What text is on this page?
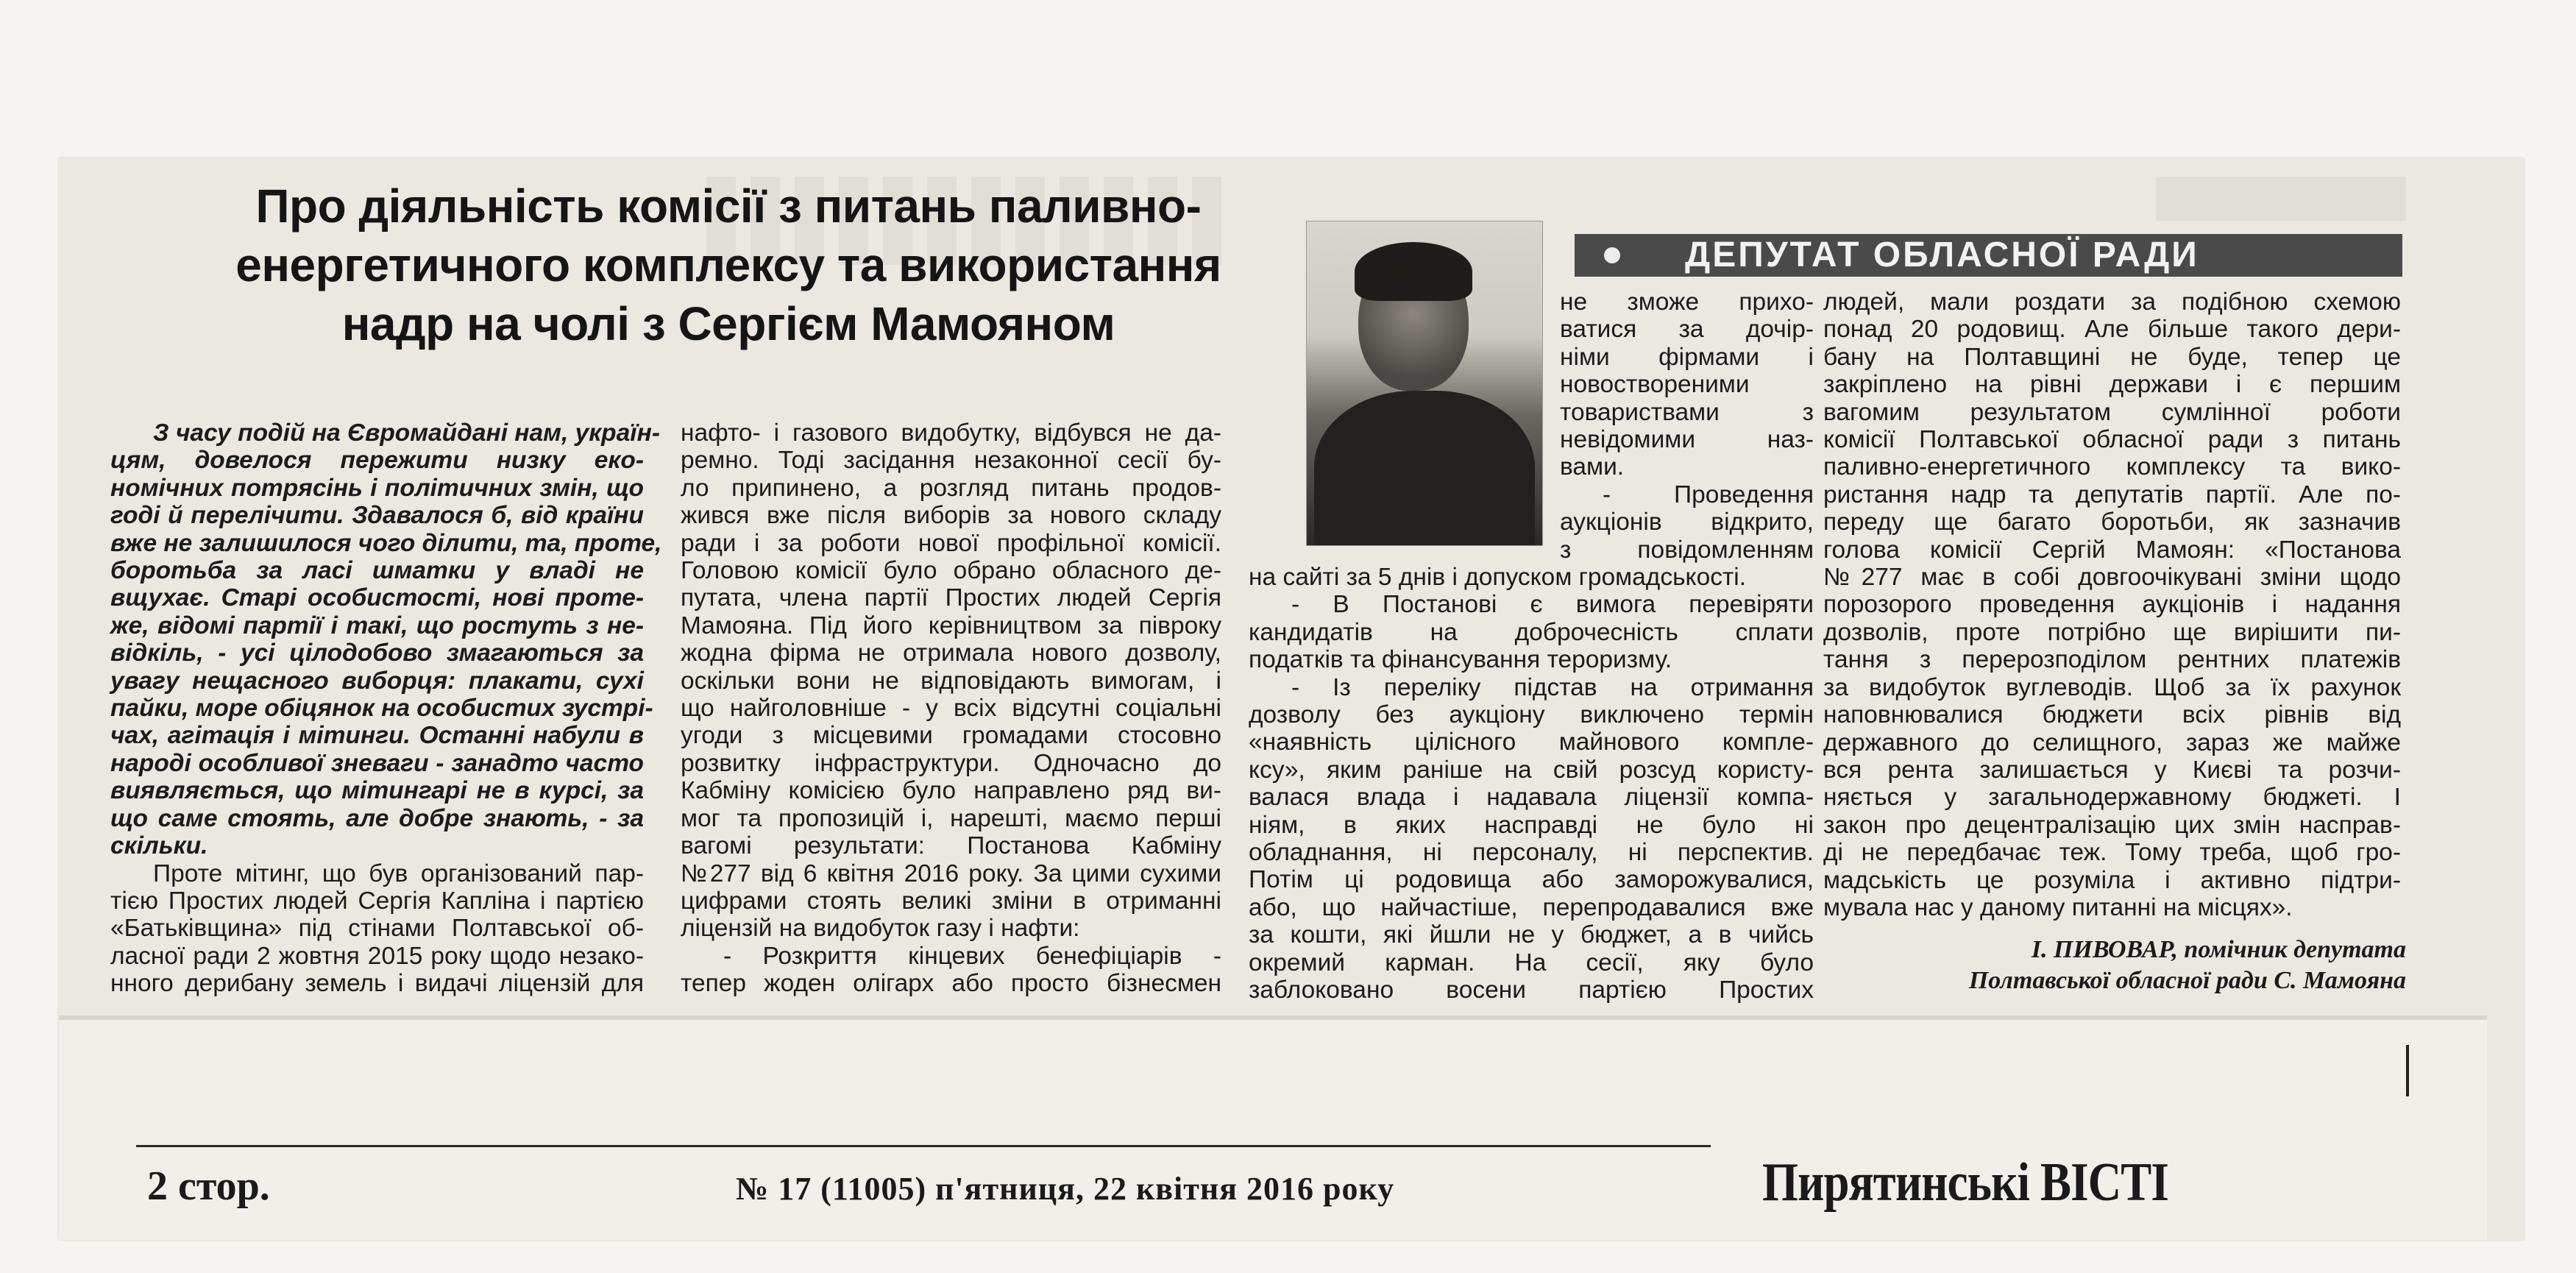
Про діяльність комісії з питань паливно-
енергетичного комплексу та використання
надр на чолі з Сергієм Мамояном
ДЕПУТАТ ОБЛАСНОЇ РАДИ
З часу подій на Євромайдані нам, україн-
цям, довелося пережити низку еко-
номічних потрясінь і політичних змін, що
годі й перелічити. Здавалося б, від країни
вже не залишилося чого ділити, та, проте,
боротьба за ласі шматки у владі не
вщухає. Старі особистості, нові проте-
же, відомі партії і такі, що ростуть з не-
відкіль, - усі цілодобово змагаються за
увагу нещасного виборця: плакати, сухі
пайки, море обіцянок на особистих зустрі-
чах, агітація і мітинги. Останні набули в
народі особливої зневаги - занадто часто
виявляється, що мітингарі не в курсі, за
що саме стоять, але добре знають, - за
скільки.
Проте мітинг, що був організований пар-
тією Простих людей Сергія Капліна і партією
«Батьківщина» під стінами Полтавської об-
ласної ради 2 жовтня 2015 року щодо незако-
нного дерибану земель і видачі ліцензій для
нафто- і газового видобутку, відбувся не да-
ремно. Тоді засідання незаконної сесії бу-
ло припинено, а розгляд питань продов-
жився вже після виборів за нового складу
ради і за роботи нової профільної комісії.
Головою комісії було обрано обласного де-
путата, члена партії Простих людей Сергія
Мамояна. Під його керівництвом за півроку
жодна фірма не отримала нового дозволу,
оскільки вони не відповідають вимогам, і
що найголовніше - у всіх відсутні соціальні
угоди з місцевими громадами стосовно
розвитку інфраструктури. Одночасно до
Кабміну комісією було направлено ряд ви-
мог та пропозицій і, нарешті, маємо перші
вагомі результати: Постанова Кабміну
№277 від 6 квітня 2016 року. За цими сухими
цифрами стоять великі зміни в отриманні
ліцензій на видобуток газу і нафти:
- Розкриття кінцевих бенефіціарів -
тепер жоден олігарх або просто бізнесмен
не зможе прихо-
ватися за дочір-
німи фірмами і
новоствореними
товариствами з
невідомими наз-
вами.
- Проведення
аукціонів відкрито,
з повідомленням
на сайті за 5 днів і допуском громадськості.
- В Постанові є вимога перевіряти
кандидатів на доброчесність сплати
податків та фінансування тероризму.
- Із переліку підстав на отримання
дозволу без аукціону виключено термін
«наявність цілісного майнового компле-
ксу», яким раніше на свій розсуд користу-
валася влада і надавала ліцензії компа-
ніям, в яких насправді не було ні
обладнання, ні персоналу, ні перспектив.
Потім ці родовища або заморожувалися,
або, що найчастіше, перепродавалися вже
за кошти, які йшли не у бюджет, а в чийсь
окремий карман. На сесії, яку було
заблоковано восени партією Простих
людей, мали роздати за подібною схемою
понад 20 родовищ. Але більше такого дери-
бану на Полтавщині не буде, тепер це
закріплено на рівні держави і є першим
вагомим результатом сумлінної роботи
комісії Полтавської обласної ради з питань
паливно-енергетичного комплексу та вико-
ристання надр та депутатів партії. Але по-
переду ще багато боротьби, як зазначив
голова комісії Сергій Мамоян: «Постанова
№277 має в собі довгоочікувані зміни щодо
порозорого проведення аукціонів і надання
дозволів, проте потрібно ще вирішити пи-
тання з перерозподілом рентних платежів
за видобуток вуглеводів. Щоб за їх рахунок
наповнювалися бюджети всіх рівнів від
державного до селищного, зараз же майже
вся рента залишається у Києві та розчи-
няється у загальнодержавному бюджеті. І
закон про децентралізацію цих змін насправ-
ді не передбачає теж. Тому треба, щоб гро-
мадськість це розуміла і активно підтри-
мувала нас у даному питанні на місцях».
І. ПИВОВАР, помічник депутата
Полтавської обласної ради С. Мамояна
2 стор.	№ 17 (11005) п'ятниця, 22 квітня 2016 року	Пирятинські ВІСТІ
